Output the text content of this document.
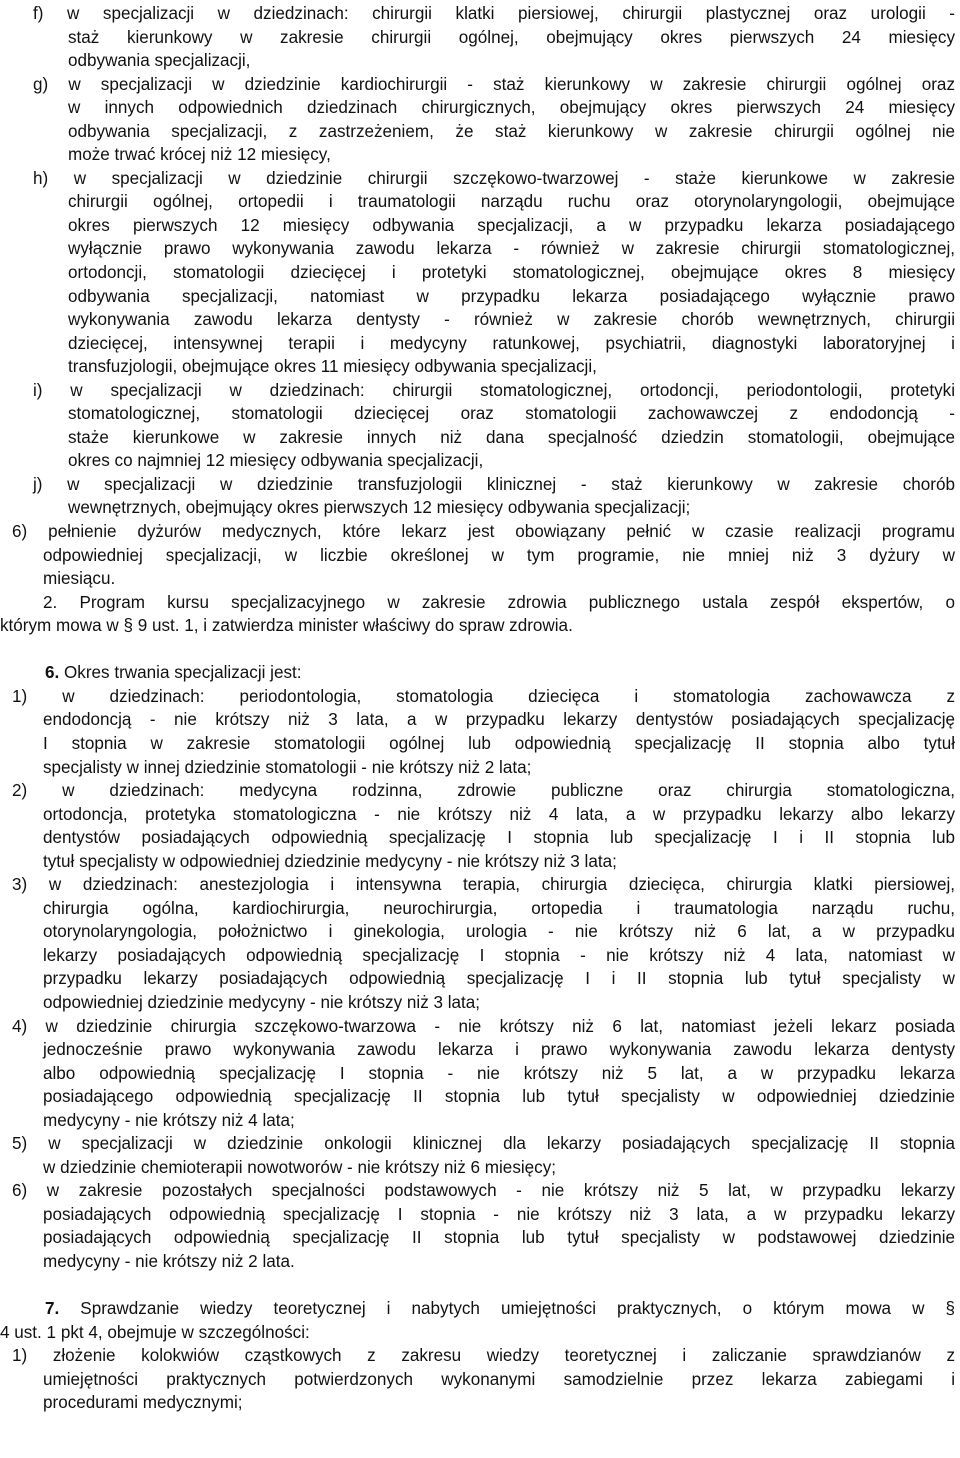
f) w specjalizacji w dziedzinach: chirurgii klatki piersiowej, chirurgii plastycznej oraz urologii -
staż kierunkowy w zakresie chirurgii ogólnej, obejmujący okres pierwszych 24 miesięcy
odbywania specjalizacji,
g) w specjalizacji w dziedzinie kardiochirurgii - staż kierunkowy w zakresie chirurgii ogólnej oraz
w innych odpowiednich dziedzinach chirurgicznych, obejmujący okres pierwszych 24 miesięcy
odbywania specjalizacji, z zastrzeżeniem, że staż kierunkowy w zakresie chirurgii ogólnej nie
może trwać krócej niż 12 miesięcy,
h) w specjalizacji w dziedzinie chirurgii szczękowo-twarzowej - staże kierunkowe w zakresie
chirurgii ogólnej, ortopedii i traumatologii narządu ruchu oraz otorynolaryngologii, obejmujące
okres pierwszych 12 miesięcy odbywania specjalizacji, a w przypadku lekarza posiadającego
wyłącznie prawo wykonywania zawodu lekarza - również w zakresie chirurgii stomatologicznej,
ortodoncji, stomatologii dziecięcej i protetyki stomatologicznej, obejmujące okres 8 miesięcy
odbywania specjalizacji, natomiast w przypadku lekarza posiadającego wyłącznie prawo
wykonywania zawodu lekarza dentysty - również w zakresie chorób wewnętrznych, chirurgii
dziecięcej, intensywnej terapii i medycyny ratunkowej, psychiatrii, diagnostyki laboratoryjnej i
transfuzjologii, obejmujące okres 11 miesięcy odbywania specjalizacji,
i) w specjalizacji w dziedzinach: chirurgii stomatologicznej, ortodoncji, periodontologii, protetyki
stomatologicznej, stomatologii dziecięcej oraz stomatologii zachowawczej z endodoncją -
staże kierunkowe w zakresie innych niż dana specjalność dziedzin stomatologii, obejmujące
okres co najmniej 12 miesięcy odbywania specjalizacji,
j) w specjalizacji w dziedzinie transfuzjologii klinicznej - staż kierunkowy w zakresie chorób
wewnętrznych, obejmujący okres pierwszych 12 miesięcy odbywania specjalizacji;
6) pełnienie dyżurów medycznych, które lekarz jest obowiązany pełnić w czasie realizacji programu
odpowiedniej specjalizacji, w liczbie określonej w tym programie, nie mniej niż 3 dyżury w
miesiącu.
2. Program kursu specjalizacyjnego w zakresie zdrowia publicznego ustala zespół ekspertów, o
którym mowa w § 9 ust. 1, i zatwierdza minister właściwy do spraw zdrowia.
6. Okres trwania specjalizacji jest:
1) w dziedzinach: periodontologia, stomatologia dziecięca i stomatologia zachowawcza z
endodoncją - nie krótszy niż 3 lata, a w przypadku lekarzy dentystów posiadających specjalizację
I stopnia w zakresie stomatologii ogólnej lub odpowiednią specjalizację II stopnia albo tytuł
specjalisty w innej dziedzinie stomatologii - nie krótszy niż 2 lata;
2) w dziedzinach: medycyna rodzinna, zdrowie publiczne oraz chirurgia stomatologiczna,
ortodoncja, protetyka stomatologiczna - nie krótszy niż 4 lata, a w przypadku lekarzy albo lekarzy
dentystów posiadających odpowiednią specjalizację I stopnia lub specjalizację I i II stopnia lub
tytuł specjalisty w odpowiedniej dziedzinie medycyny - nie krótszy niż 3 lata;
3) w dziedzinach: anestezjologia i intensywna terapia, chirurgia dziecięca, chirurgia klatki piersiowej,
chirurgia ogólna, kardiochirurgia, neurochirurgia, ortopedia i traumatologia narządu ruchu,
otorynolaryngologia, położnictwo i ginekologia, urologia - nie krótszy niż 6 lat, a w przypadku
lekarzy posiadających odpowiednią specjalizację I stopnia - nie krótszy niż 4 lata, natomiast w
przypadku lekarzy posiadających odpowiednią specjalizację I i II stopnia lub tytuł specjalisty w
odpowiedniej dziedzinie medycyny - nie krótszy niż 3 lata;
4) w dziedzinie chirurgia szczękowo-twarzowa - nie krótszy niż 6 lat, natomiast jeżeli lekarz posiada
jednocześnie prawo wykonywania zawodu lekarza i prawo wykonywania zawodu lekarza dentysty
albo odpowiednią specjalizację I stopnia - nie krótszy niż 5 lat, a w przypadku lekarza
posiadającego odpowiednią specjalizację II stopnia lub tytuł specjalisty w odpowiedniej dziedzinie
medycyny - nie krótszy niż 4 lata;
5) w specjalizacji w dziedzinie onkologii klinicznej dla lekarzy posiadających specjalizację II stopnia
w dziedzinie chemioterapii nowotworów - nie krótszy niż 6 miesięcy;
6) w zakresie pozostałych specjalności podstawowych - nie krótszy niż 5 lat, w przypadku lekarzy
posiadających odpowiednią specjalizację I stopnia - nie krótszy niż 3 lata, a w przypadku lekarzy
posiadających odpowiednią specjalizację II stopnia lub tytuł specjalisty w podstawowej dziedzinie
medycyny - nie krótszy niż 2 lata.
7. Sprawdzanie wiedzy teoretycznej i nabytych umiejętności praktycznych, o którym mowa w §
4 ust. 1 pkt 4, obejmuje w szczególności:
1) złożenie kolokwiów cząstkowych z zakresu wiedzy teoretycznej i zaliczanie sprawdzianów z
umiejętności praktycznych potwierdzonych wykonanymi samodzielnie przez lekarza zabiegami i
procedurami medycznymi;
